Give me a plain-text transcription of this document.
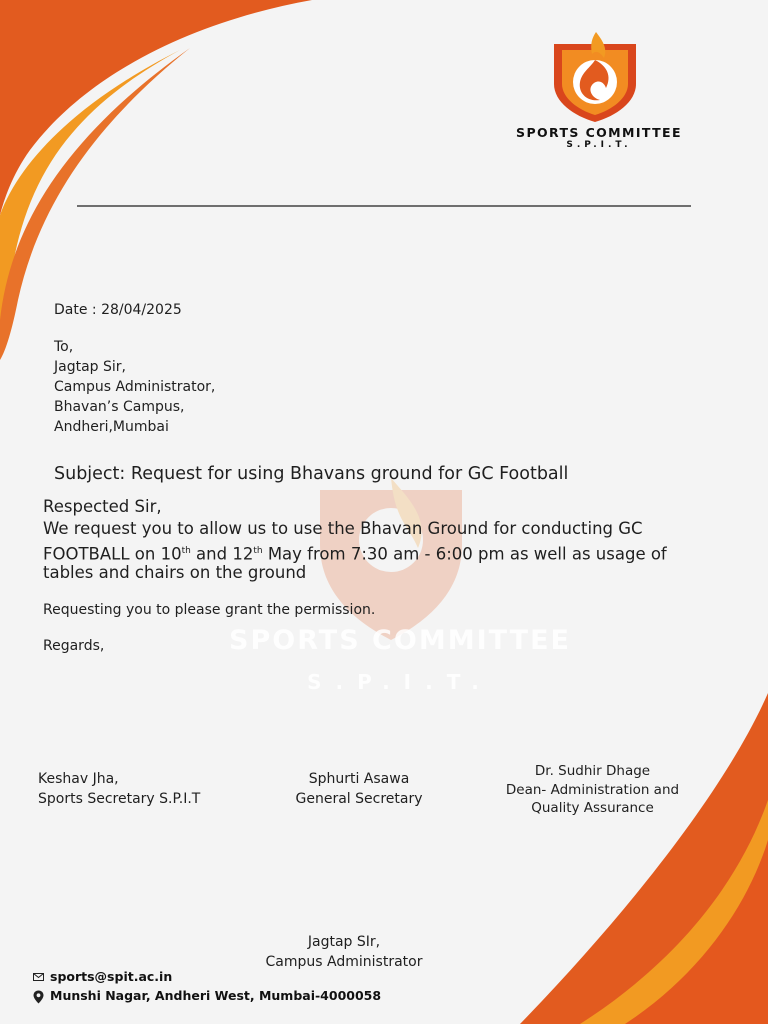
SPORTS COMMITTEE
S.P.I.T.
SPORTS COMMITTEE
S.P.I.T.
Date : 28/04/2025
To,
Jagtap Sir,
Campus Administrator,
Bhavan’s Campus,
Andheri,Mumbai
Subject: Request for using Bhavans ground for GC Football
Respected Sir,
We request you to allow us to use the Bhavan Ground for conducting GC
FOOTBALL on 10th and 12th May from 7:30 am - 6:00 pm as well as usage of
tables and chairs on the ground
Requesting you to please grant the permission.
Regards,
Keshav Jha,
Sports Secretary S.P.I.T
Sphurti Asawa
General Secretary
Dr. Sudhir Dhage
Dean- Administration and
Quality Assurance
Jagtap SIr,
Campus Administrator
sports@spit.ac.in
Munshi Nagar, Andheri West, Mumbai-4000058
